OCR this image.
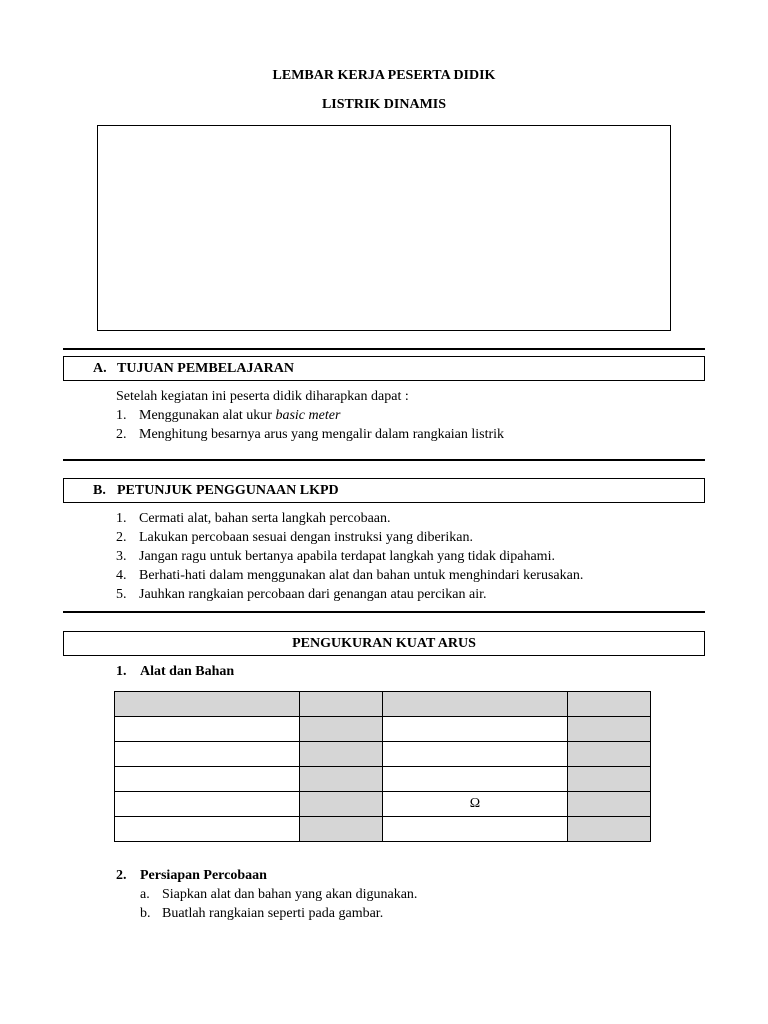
LEMBAR KERJA PESERTA DIDIK
LISTRIK DINAMIS
A. TUJUAN PEMBELAJARAN
Setelah kegiatan ini peserta didik diharapkan dapat :
1. Menggunakan alat ukur basic meter
2. Menghitung besarnya arus yang mengalir dalam rangkaian listrik
B. PETUNJUK PENGGUNAAN LKPD
1. Cermati alat, bahan serta langkah percobaan.
2. Lakukan percobaan sesuai dengan instruksi yang diberikan.
3. Jangan ragu untuk bertanya apabila terdapat langkah yang tidak dipahami.
4. Berhati-hati dalam menggunakan alat dan bahan untuk menghindari kerusakan.
5. Jauhkan rangkaian percobaan dari genangan atau percikan air.
PENGUKURAN KUAT ARUS
1. Alat dan Bahan

		Ω	

2. Persiapan Percobaan
a. Siapkan alat dan bahan yang akan digunakan.
b. Buatlah rangkaian seperti pada gambar.
